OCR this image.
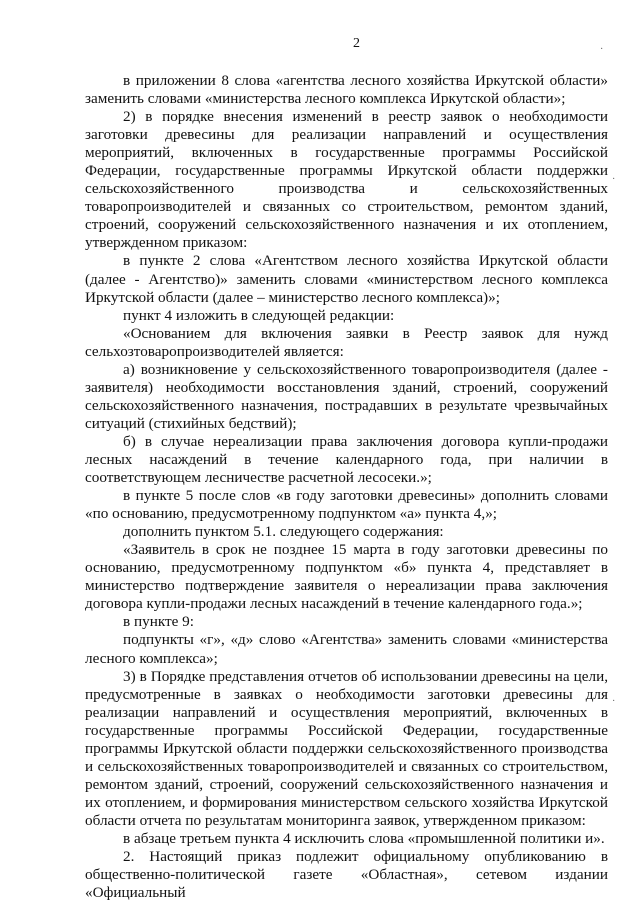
2

в приложении 8 слова «агентства лесного хозяйства Иркутской области» заменить словами «министерства лесного комплекса Иркутской области»;

2) в порядке внесения изменений в реестр заявок о необходимости заготовки древесины для реализации направлений и осуществления мероприятий, включенных в государственные программы Российской Федерации, государственные программы Иркутской области поддержки сельскохозяйственного производства и сельскохозяйственных товаропроизводителей и связанных со строительством, ремонтом зданий, строений, сооружений сельскохозяйственного назначения и их отоплением, утвержденном приказом:

в пункте 2 слова «Агентством лесного хозяйства Иркутской области (далее - Агентство)» заменить словами «министерством лесного комплекса Иркутской области (далее – министерство лесного комплекса)»;

пункт 4 изложить в следующей редакции:

«Основанием для включения заявки в Реестр заявок для нужд сельхозтоваропроизводителей является:

а) возникновение у сельскохозяйственного товаропроизводителя (далее - заявителя) необходимости восстановления зданий, строений, сооружений сельскохозяйственного назначения, пострадавших в результате чрезвычайных ситуаций (стихийных бедствий);

б) в случае нереализации права заключения договора купли-продажи лесных насаждений в течение календарного года, при наличии в соответствующем лесничестве расчетной лесосеки.»;

в пункте 5 после слов «в году заготовки древесины» дополнить словами «по основанию, предусмотренному подпунктом «а» пункта 4,»;

дополнить пунктом 5.1. следующего содержания:

«Заявитель в срок не позднее 15 марта в году заготовки древесины по основанию, предусмотренному подпунктом «б» пункта 4, представляет в министерство подтверждение заявителя о нереализации права заключения договора купли-продажи лесных насаждений в течение календарного года.»;

в пункте 9:

подпункты «г», «д» слово «Агентства» заменить словами «министерства лесного комплекса»;

3) в Порядке представления отчетов об использовании древесины на цели, предусмотренные в заявках о необходимости заготовки древесины для реализации направлений и осуществления мероприятий, включенных в государственные программы Российской Федерации, государственные программы Иркутской области поддержки сельскохозяйственного производства и сельскохозяйственных товаропроизводителей и связанных со строительством, ремонтом зданий, строений, сооружений сельскохозяйственного назначения и их отоплением, и формирования министерством сельского хозяйства Иркутской области отчета по результатам мониторинга заявок, утвержденном приказом:

в абзаце третьем пункта 4 исключить слова «промышленной политики и».

2. Настоящий приказ подлежит официальному опубликованию в общественно-политической газете «Областная», сетевом издании «Официальный

·
·
·
